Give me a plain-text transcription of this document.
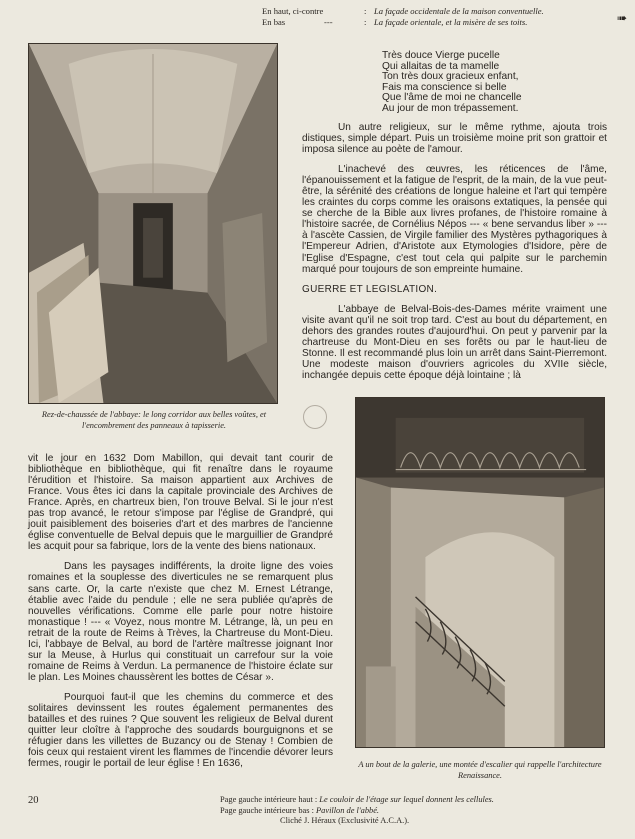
En haut, ci-contre	: La façade occidentale de la maison conventuelle.
En bas	---	: La façade orientale, et la misère de ses toits.	➠
Rez-de-chaussée de l'abbaye: le long corridor aux belles voûtes, et l'encombrement des panneaux à tapisserie.
Très douce Vierge pucelle
Qui allaitas de ta mamelle
Ton très doux gracieux enfant,
Fais ma conscience si belle
Que l'âme de moi ne chancelle
Au jour de mon trépassement.

Un autre religieux, sur le même rythme, ajouta trois distiques, simple départ. Puis un troisième moine prit son grattoir et imposa silence au poète de l'amour.

L'inachevé des œuvres, les réticences de l'âme, l'épanouissement et la fatigue de l'esprit, de la main, de la vue peut-être, la sérénité des créations de longue haleine et l'art qui tempère les craintes du corps comme les oraisons extatiques, la pensée qui se cherche de la Bible aux livres profanes, de l'histoire romaine à l'histoire sacrée, de Cornélius Népos --- « bene servandus liber » --- à l'ascète Cassien, de Virgile familier des Mystères pythagoriques à l'Empereur Adrien, d'Aristote aux Etymologies d'Isidore, père de l'Eglise d'Espagne, c'est tout cela qui palpite sur le parchemin marqué pour toujours de son empreinte humaine.

GUERRE ET LEGISLATION.

L'abbaye de Belval-Bois-des-Dames mérite vraiment une visite avant qu'il ne soit trop tard. C'est au bout du département, en dehors des grandes routes d'aujourd'hui. On peut y parvenir par la chartreuse du Mont-Dieu en ses forêts ou par le haut-lieu de Stonne. Il est recommandé plus loin un arrêt dans Saint-Pierremont. Une modeste maison d'ouvriers agricoles du XVIIe siècle, inchangée depuis cette époque déjà lointaine ; là

A un bout de la galerie, une montée d'escalier qui rappelle l'architecture Renaissance.

vit le jour en 1632 Dom Mabillon, qui devait tant courir de bibliothèque en bibliothèque, qui fit renaître dans le royaume l'érudition et l'histoire. Sa maison appartient aux Archives de France. Vous êtes ici dans la capitale provinciale des Archives de France. Après, en chartreux bien, l'on trouve Belval. Si le jour n'est pas trop avancé, le retour s'impose par l'église de Grandpré, qui jouit paisiblement des boiseries d'art et des marbres de l'ancienne église conventuelle de Belval depuis que le marguillier de Grandpré les acquit pour sa fabrique, lors de la vente des biens nationaux.

Dans les paysages indifférents, la droite ligne des voies romaines et la souplesse des diverticules ne se remarquent plus sans carte. Or, la carte n'existe que chez M. Ernest Létrange, établie avec l'aide du pendule ; elle ne sera publiée qu'après de nouvelles vérifications. Comme elle parle pour notre histoire monastique ! --- « Voyez, nous montre M. Létrange, là, un peu en retrait de la route de Reims à Trèves, la Chartreuse du Mont-Dieu. Ici, l'abbaye de Belval, au bord de l'artère maîtresse joignant Inor sur la Meuse, à Hurlus qui constituait un carrefour sur la voie romaine de Reims à Verdun. La permanence de l'histoire éclate sur le plan. Les Moines chaussèrent les bottes de César ».

Pourquoi faut-il que les chemins du commerce et des solitaires devinssent les routes également permanentes des batailles et des ruines ? Que souvent les religieux de Belval durent quitter leur cloître à l'approche des soudards bourguignons et se réfugier dans les villettes de Buzancy ou de Stenay ! Combien de fois ceux qui restaient virent les flammes de l'incendie dévorer leurs fermes, rougir le portail de leur église ! En 1636,

20	Page gauche intérieure haut : Le couloir de l'étage sur lequel donnent les cellules.
Page gauche intérieure bas : Pavillon de l'abbé.
Cliché J. Héraux (Exclusivité A.C.A.).
